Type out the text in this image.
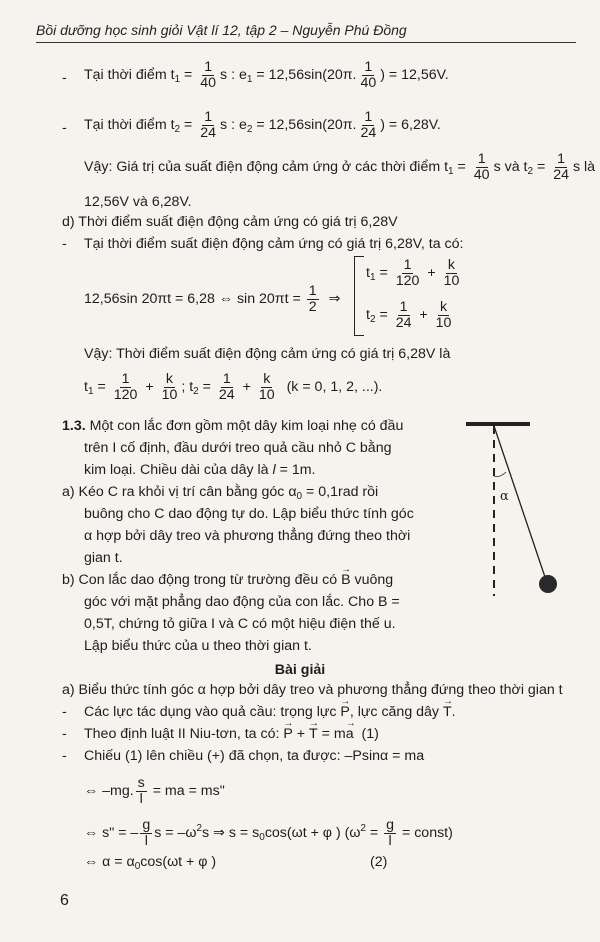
Bồi dưỡng học sinh giỏi Vật lí 12, tập 2 – Nguyễn Phú Đồng
- Tại thời điểm $t_1 = \frac{1}{40}$ s : $e_1 = 12,56\sin(20\pi$. $\frac{1}{40}$ ) = 12,56V.
- Tại thời điểm $t_2 = \frac{1}{24}$ s : $e_2 = 12,56\sin(20\pi$. $\frac{1}{24}$ ) = 6,28V.
Vậy: Giá trị của suất điện động cảm ứng ở các thời điểm $t_1 = \frac{1}{40}$ s và $t_2 = \frac{1}{24}$ s là
12,56V và 6,28V.
d) Thời điểm suất điện động cảm ứng có giá trị 6,28V
- Tại thời điểm suất điện động cảm ứng có giá trị 6,28V, ta có:
12,56sin 20πt = 6,28 ⇔ $\sin 20\pi t = \frac{1}{2}$ ⇒
$t_1 = \frac{1}{120} + \frac{k}{10}$
$t_2 = \frac{1}{24} + \frac{k}{10}$
Vậy: Thời điểm suất điện động cảm ứng có giá trị 6,28V là
$t_1 = \frac{1}{120} + \frac{k}{10}$ ; $t_2 = \frac{1}{24} + \frac{k}{10} (k = 0$, 1, 2, ...).
1.3. Một con lắc đơn gồm một dây kim loại nhẹ có đầu
trên I cố định, đầu dưới treo quả cầu nhỏ C bằng
kim loại. Chiều dài của dây là l = 1m.
a) Kéo C ra khỏi vị trí cân bằng góc $\alpha_0 = 0,1rad$ rồi
buông cho C dao động tự do. Lập biểu thức tính góc
α hợp bởi dây treo và phương thẳng đứng theo thời
gian t.
b) Con lắc dao động trong từ trường đều có → B vuông
góc với mặt phẳng dao động của con lắc. Cho B =
0,5T, chứng tỏ giữa I và C có một hiệu điện thế u.
Lập biểu thức của u theo thời gian t.
α
Bài giải
a) Biểu thức tính góc α hợp bởi dây treo và phương thẳng đứng theo thời gian t
- Các lực tác dụng vào quả cầu: trọng lực → P, lực căng dây → T.
- Theo định luật II Niu-tơn, ta có: → P + → T = m→ a (1)
- Chiếu (1) lên chiều (+) đã chọn, ta được: –Psinα = ma
⇔ –mg. $\frac{s}{l}$ = ma = ms"
⇔ s" = – $\frac{g}{l}$ $s = -\omega^2s$ ⇒ $s = s_0\cos(\omega t + \varphi$ ) ($\omega^2 = \frac{g}{l}$ = const)
⇔ $\alpha = \alpha_0\cos(\omega t + \varphi$ )	(2)
6
